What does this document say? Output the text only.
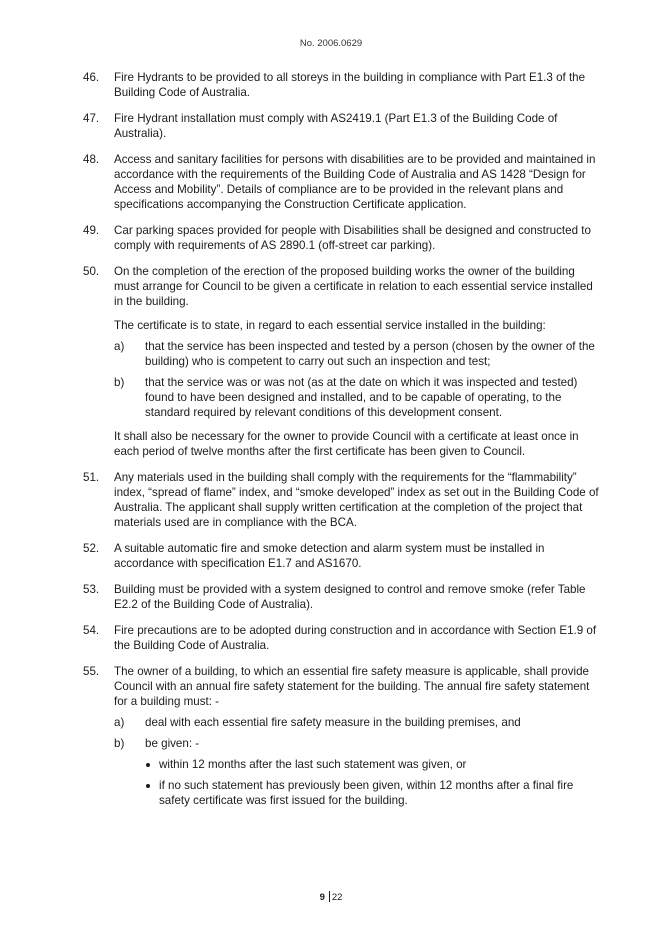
No. 2006.0629
46. Fire Hydrants to be provided to all storeys in the building in compliance with Part E1.3 of the Building Code of Australia.
47. Fire Hydrant installation must comply with AS2419.1 (Part E1.3 of the Building Code of Australia).
48. Access and sanitary facilities for persons with disabilities are to be provided and maintained in accordance with the requirements of the Building Code of Australia and AS 1428 “Design for Access and Mobility”. Details of compliance are to be provided in the relevant plans and specifications accompanying the Construction Certificate application.
49. Car parking spaces provided for people with Disabilities shall be designed and constructed to comply with requirements of AS 2890.1 (off-street car parking).
50. On the completion of the erection of the proposed building works the owner of the building must arrange for Council to be given a certificate in relation to each essential service installed in the building.
The certificate is to state, in regard to each essential service installed in the building:
a) that the service has been inspected and tested by a person (chosen by the owner of the building) who is competent to carry out such an inspection and test;
b) that the service was or was not (as at the date on which it was inspected and tested) found to have been designed and installed, and to be capable of operating, to the standard required by relevant conditions of this development consent.
It shall also be necessary for the owner to provide Council with a certificate at least once in each period of twelve months after the first certificate has been given to Council.
51. Any materials used in the building shall comply with the requirements for the “flammability” index, “spread of flame” index, and “smoke developed” index as set out in the Building Code of Australia. The applicant shall supply written certification at the completion of the project that materials used are in compliance with the BCA.
52. A suitable automatic fire and smoke detection and alarm system must be installed in accordance with specification E1.7 and AS1670.
53. Building must be provided with a system designed to control and remove smoke (refer Table E2.2 of the Building Code of Australia).
54. Fire precautions are to be adopted during construction and in accordance with Section E1.9 of the Building Code of Australia.
55. The owner of a building, to which an essential fire safety measure is applicable, shall provide Council with an annual fire safety statement for the building. The annual fire safety statement for a building must: -
a) deal with each essential fire safety measure in the building premises, and
b) be given: -
within 12 months after the last such statement was given, or
if no such statement has previously been given, within 12 months after a final fire safety certificate was first issued for the building.
9 22
